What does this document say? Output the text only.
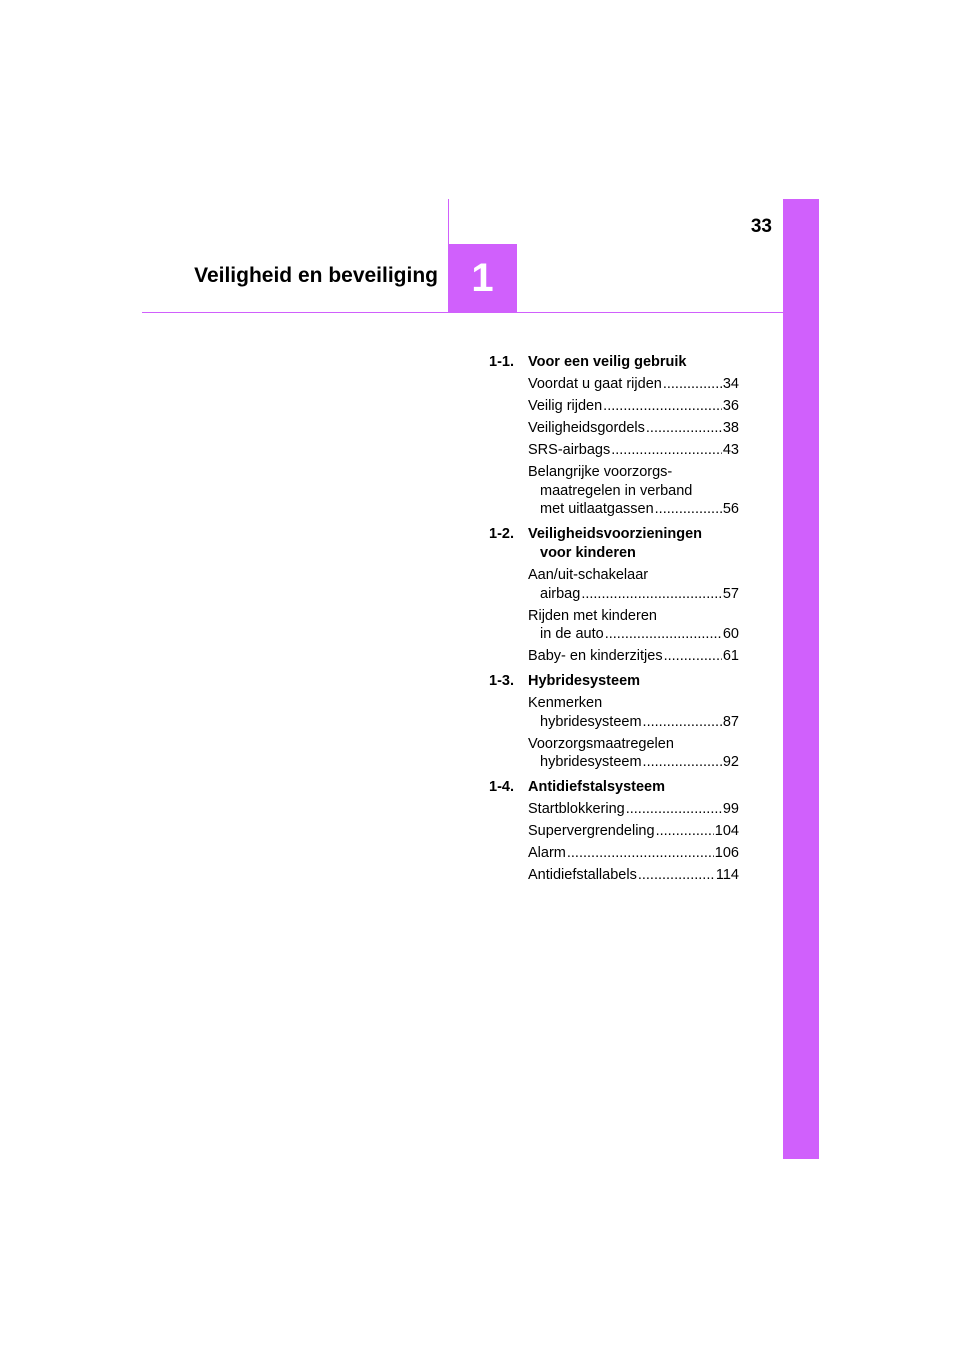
33
Veiligheid en beveiliging 1
1-1. Voor een veilig gebruik
Voordat u gaat rijden .....	34
Veilig rijden .....	36
Veiligheidsgordels .....	38
SRS-airbags .....	43
Belangrijke voorzorgs-

maatregelen in verband
met uitlaatgassen .....	56
1-2. Veiligheidsvoorzieningen

voor kinderen
Aan/uit-schakelaar

airbag .....	57
Rijden met kinderen

in de auto .....	60
Baby- en kinderzitjes .....	61
1-3. Hybridesysteem
Kenmerken

hybridesysteem .....	87
Voorzorgsmaatregelen

hybridesysteem .....	92
1-4. Antidiefstalsysteem
Startblokkering .....	99
Supervergrendeling .....	104
Alarm .....	106
Antidiefstallabels .....	114
